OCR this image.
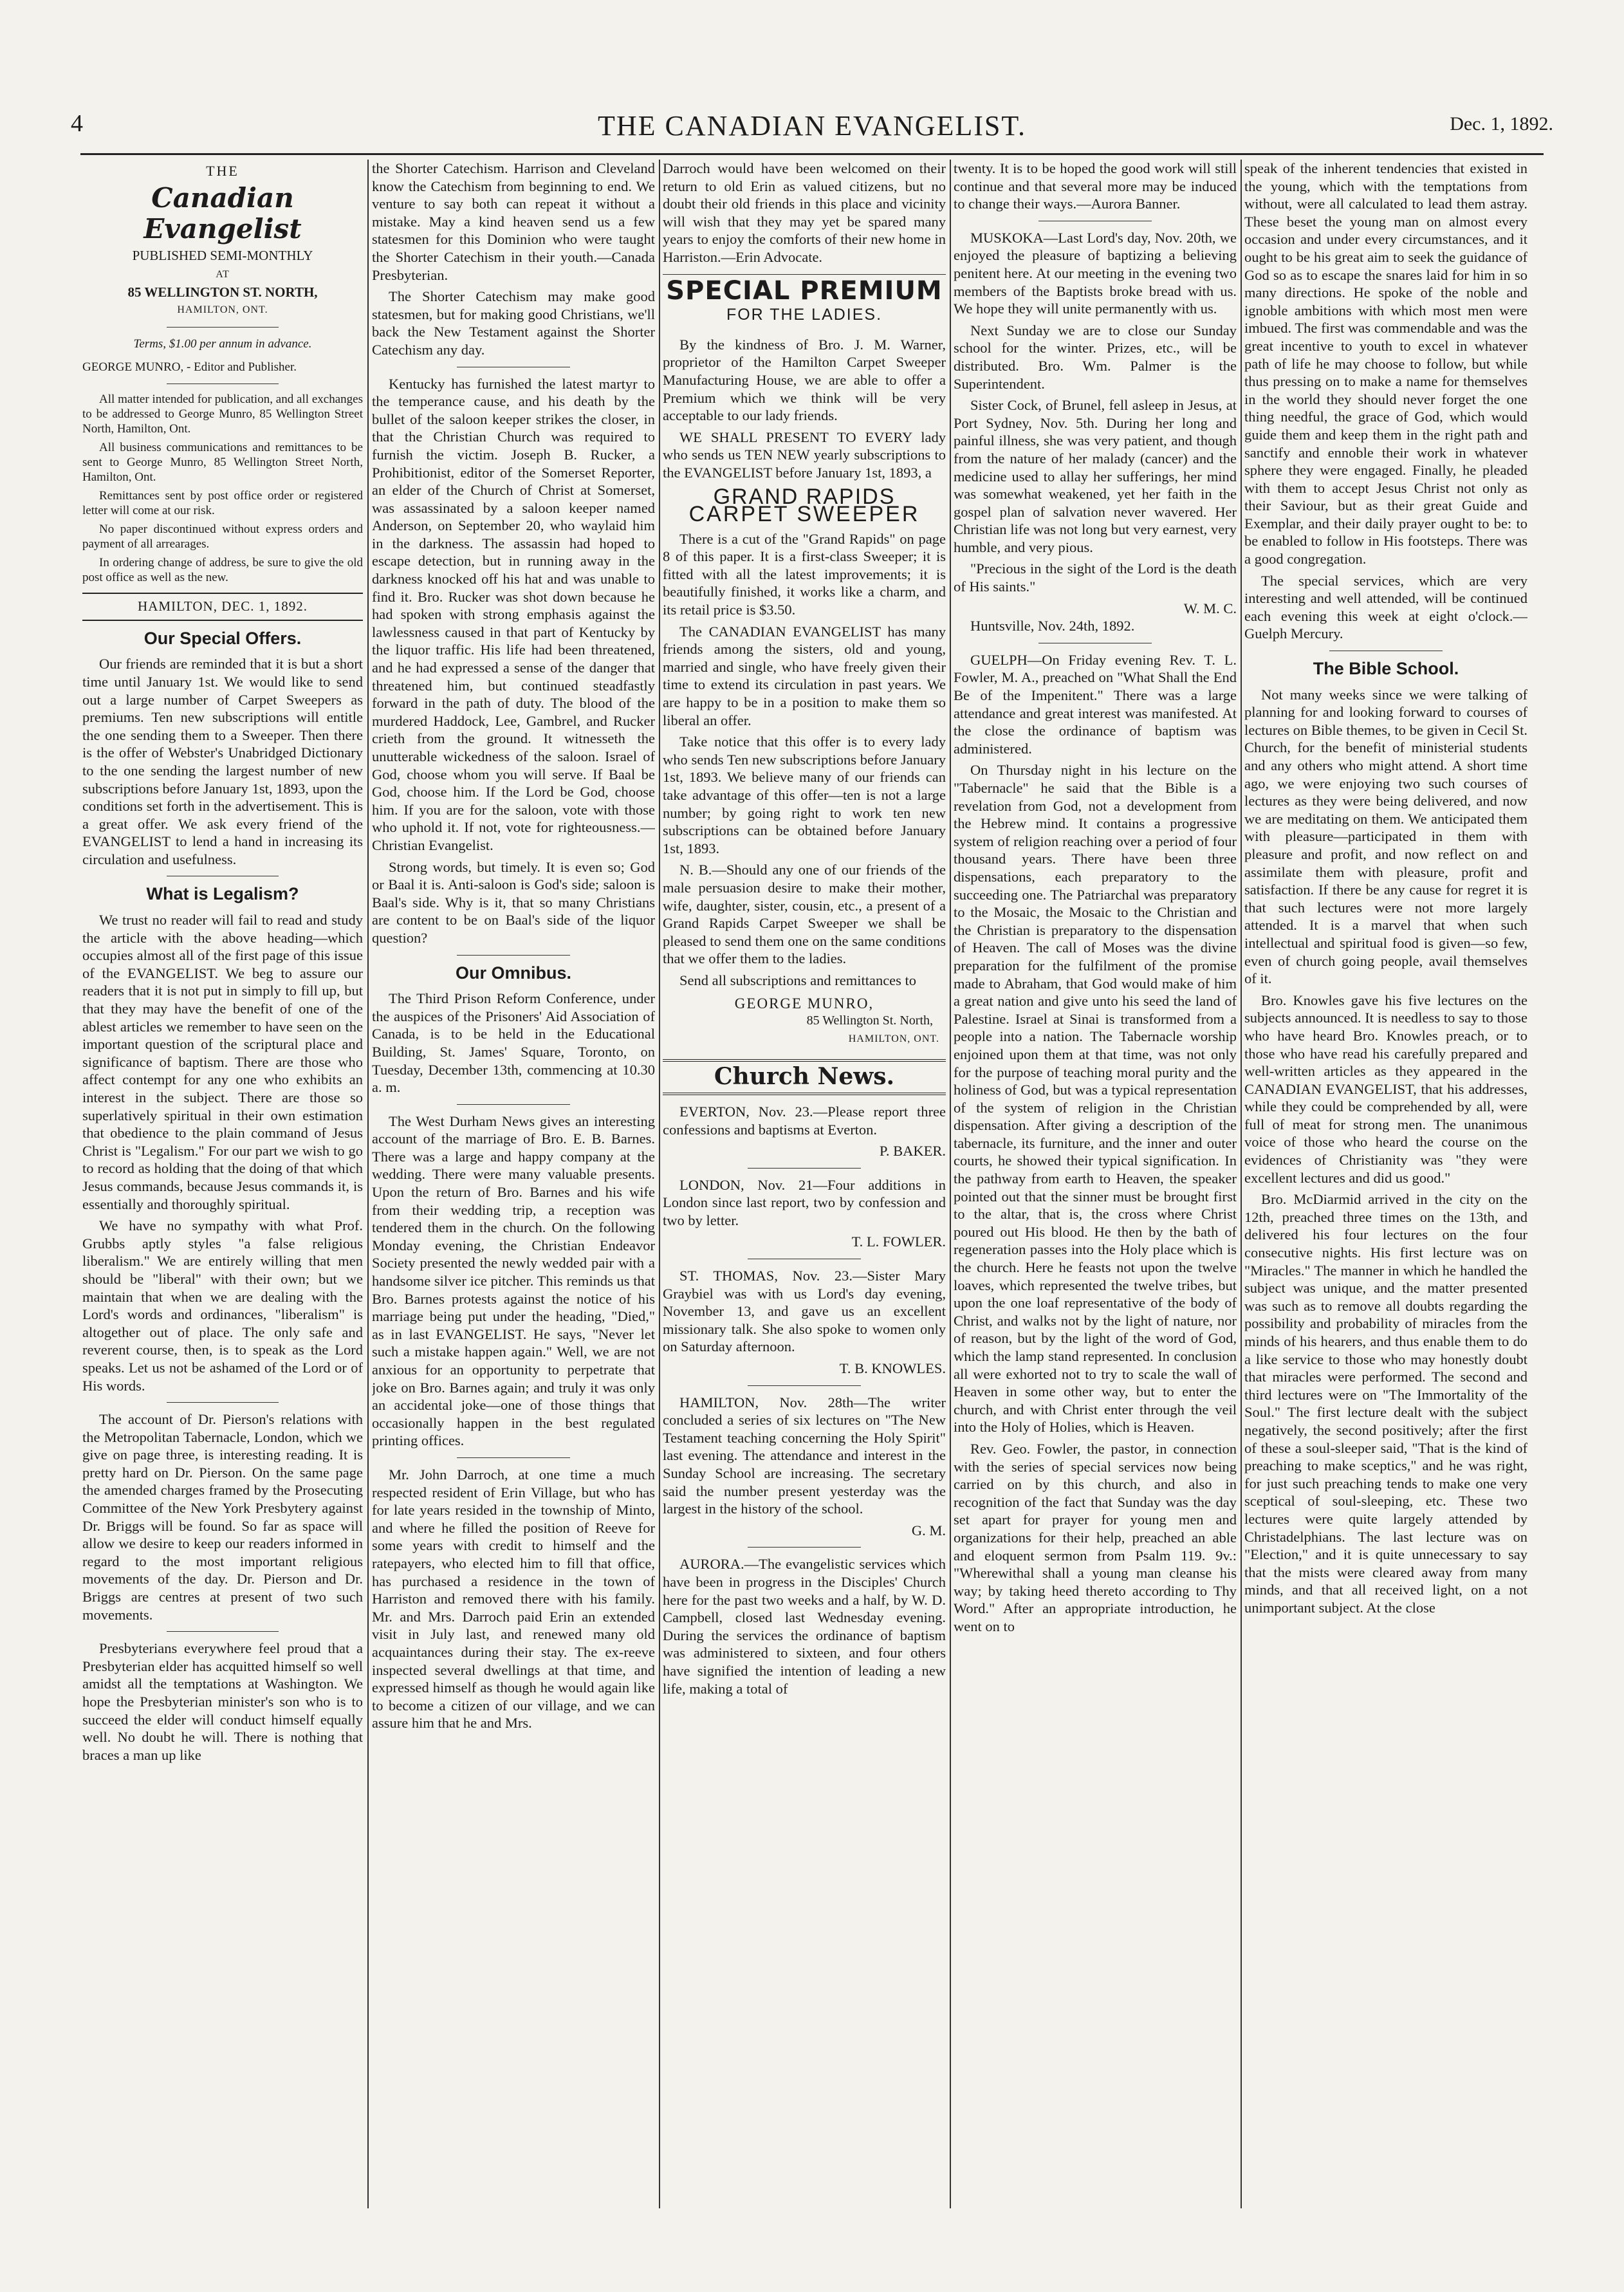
4	THE CANADIAN EVANGELIST.	Dec. 1, 1892.
THE
Canadian Evangelist
PUBLISHED SEMI-MONTHLY
AT
85 WELLINGTON ST. NORTH,
HAMILTON, ONT.
Terms, $1.00 per annum in advance.
GEORGE MUNRO, - Editor and Publisher.

All matter intended for publication, and all exchanges to be addressed to George Munro, 85 Wellington Street North, Hamilton, Ont.

All business communications and remittances to be sent to George Munro, 85 Wellington Street North, Hamilton, Ont.

Remittances sent by post office order or registered letter will come at our risk.

No paper discontinued without express orders and payment of all arrearages.

In ordering change of address, be sure to give the old post office as well as the new.

HAMILTON, DEC. 1, 1892.
Our Special Offers.

Our friends are reminded that it is but a short time until January 1st. We would like to send out a large number of Carpet Sweepers as premiums. Ten new subscriptions will entitle the one sending them to a Sweeper. Then there is the offer of Webster's Unabridged Dictionary to the one sending the largest number of new subscriptions before January 1st, 1893, upon the conditions set forth in the advertisement. This is a great offer. We ask every friend of the EVANGELIST to lend a hand in increasing its circulation and usefulness.

What is Legalism?

We trust no reader will fail to read and study the article with the above heading—which occupies almost all of the first page of this issue of the EVANGELIST. We beg to assure our readers that it is not put in simply to fill up, but that they may have the benefit of one of the ablest articles we remember to have seen on the important question of the scriptural place and significance of baptism. There are those who affect contempt for any one who exhibits an interest in the subject. There are those so superlatively spiritual in their own estimation that obedience to the plain command of Jesus Christ is "Legalism." For our part we wish to go to record as holding that the doing of that which Jesus commands, because Jesus commands it, is essentially and thoroughly spiritual.

We have no sympathy with what Prof. Grubbs aptly styles "a false religious liberalism." We are entirely willing that men should be "liberal" with their own; but we maintain that when we are dealing with the Lord's words and ordinances, "liberalism" is altogether out of place. The only safe and reverent course, then, is to speak as the Lord speaks. Let us not be ashamed of the Lord or of His words.

The account of Dr. Pierson's relations with the Metropolitan Tabernacle, London, which we give on page three, is interesting reading. It is pretty hard on Dr. Pierson. On the same page the amended charges framed by the Prosecuting Committee of the New York Presbytery against Dr. Briggs will be found. So far as space will allow we desire to keep our readers informed in regard to the most important religious movements of the day. Dr. Pierson and Dr. Briggs are centres at present of two such movements.

Presbyterians everywhere feel proud that a Presbyterian elder has acquitted himself so well amidst all the temptations at Washington. We hope the Presbyterian minister's son who is to succeed the elder will conduct himself equally well. No doubt he will. There is nothing that braces a man up like

the Shorter Catechism. Harrison and Cleveland know the Catechism from beginning to end. We venture to say both can repeat it without a mistake. May a kind heaven send us a few statesmen for this Dominion who were taught the Shorter Catechism in their youth.—Canada Presbyterian.

The Shorter Catechism may make good statesmen, but for making good Christians, we'll back the New Testament against the Shorter Catechism any day.

Kentucky has furnished the latest martyr to the temperance cause, and his death by the bullet of the saloon keeper strikes the closer, in that the Christian Church was required to furnish the victim. Joseph B. Rucker, a Prohibitionist, editor of the Somerset Reporter, an elder of the Church of Christ at Somerset, was assassinated by a saloon keeper named Anderson, on September 20, who waylaid him in the darkness. The assassin had hoped to escape detection, but in running away in the darkness knocked off his hat and was unable to find it. Bro. Rucker was shot down because he had spoken with strong emphasis against the lawlessness caused in that part of Kentucky by the liquor traffic. His life had been threatened, and he had expressed a sense of the danger that threatened him, but continued steadfastly forward in the path of duty. The blood of the murdered Haddock, Lee, Gambrel, and Rucker crieth from the ground. It witnesseth the unutterable wickedness of the saloon. Israel of God, choose whom you will serve. If Baal be God, choose him. If the Lord be God, choose him. If you are for the saloon, vote with those who uphold it. If not, vote for righteousness.—Christian Evangelist.

Strong words, but timely. It is even so; God or Baal it is. Anti-saloon is God's side; saloon is Baal's side. Why is it, that so many Christians are content to be on Baal's side of the liquor question?

Our Omnibus.

The Third Prison Reform Conference, under the auspices of the Prisoners' Aid Association of Canada, is to be held in the Educational Building, St. James' Square, Toronto, on Tuesday, December 13th, commencing at 10.30 a. m.

The West Durham News gives an interesting account of the marriage of Bro. E. B. Barnes. There was a large and happy company at the wedding. There were many valuable presents. Upon the return of Bro. Barnes and his wife from their wedding trip, a reception was tendered them in the church. On the following Monday evening, the Christian Endeavor Society presented the newly wedded pair with a handsome silver ice pitcher. This reminds us that Bro. Barnes protests against the notice of his marriage being put under the heading, "Died," as in last EVANGELIST. He says, "Never let such a mistake happen again." Well, we are not anxious for an opportunity to perpetrate that joke on Bro. Barnes again; and truly it was only an accidental joke—one of those things that occasionally happen in the best regulated printing offices.

Mr. John Darroch, at one time a much respected resident of Erin Village, but who has for late years resided in the township of Minto, and where he filled the position of Reeve for some years with credit to himself and the ratepayers, who elected him to fill that office, has purchased a residence in the town of Harriston and removed there with his family. Mr. and Mrs. Darroch paid Erin an extended visit in July last, and renewed many old acquaintances during their stay. The ex-reeve inspected several dwellings at that time, and expressed himself as though he would again like to become a citizen of our village, and we can assure him that he and Mrs.

Darroch would have been welcomed on their return to old Erin as valued citizens, but no doubt their old friends in this place and vicinity will wish that they may yet be spared many years to enjoy the comforts of their new home in Harriston.—Erin Advocate.

SPECIAL PREMIUM
FOR THE LADIES.

By the kindness of Bro. J. M. Warner, proprietor of the Hamilton Carpet Sweeper Manufacturing House, we are able to offer a Premium which we think will be very acceptable to our lady friends.

WE SHALL PRESENT TO EVERY lady who sends us TEN NEW yearly subscriptions to the EVANGELIST before January 1st, 1893, a

GRAND RAPIDS
CARPET SWEEPER

There is a cut of the "Grand Rapids" on page 8 of this paper. It is a first-class Sweeper; it is fitted with all the latest improvements; it is beautifully finished, it works like a charm, and its retail price is $3.50.

The CANADIAN EVANGELIST has many friends among the sisters, old and young, married and single, who have freely given their time to extend its circulation in past years. We are happy to be in a position to make them so liberal an offer.

Take notice that this offer is to every lady who sends Ten new subscriptions before January 1st, 1893. We believe many of our friends can take advantage of this offer—ten is not a large number; by going right to work ten new subscriptions can be obtained before January 1st, 1893.

N. B.—Should any one of our friends of the male persuasion desire to make their mother, wife, daughter, sister, cousin, etc., a present of a Grand Rapids Carpet Sweeper we shall be pleased to send them one on the same conditions that we offer them to the ladies.

Send all subscriptions and remittances to

GEORGE MUNRO,
85 Wellington St. North,
HAMILTON, ONT.
Church News.

EVERTON, Nov. 23.—Please report three confessions and baptisms at Everton.

P. BAKER.

LONDON, Nov. 21—Four additions in London since last report, two by confession and two by letter.

T. L. FOWLER.

ST. THOMAS, Nov. 23.—Sister Mary Graybiel was with us Lord's day evening, November 13, and gave us an excellent missionary talk. She also spoke to women only on Saturday afternoon.

T. B. KNOWLES.

HAMILTON, Nov. 28th—The writer concluded a series of six lectures on "The New Testament teaching concerning the Holy Spirit" last evening. The attendance and interest in the Sunday School are increasing. The secretary said the number present yesterday was the largest in the history of the school.

G. M.

AURORA.—The evangelistic services which have been in progress in the Disciples' Church here for the past two weeks and a half, by W. D. Campbell, closed last Wednesday evening. During the services the ordinance of baptism was administered to sixteen, and four others have signified the intention of leading a new life, making a total of

twenty. It is to be hoped the good work will still continue and that several more may be induced to change their ways.—Aurora Banner.

MUSKOKA—Last Lord's day, Nov. 20th, we enjoyed the pleasure of baptizing a believing penitent here. At our meeting in the evening two members of the Baptists broke bread with us. We hope they will unite permanently with us.

Next Sunday we are to close our Sunday school for the winter. Prizes, etc., will be distributed. Bro. Wm. Palmer is the Superintendent.

Sister Cock, of Brunel, fell asleep in Jesus, at Port Sydney, Nov. 5th. During her long and painful illness, she was very patient, and though from the nature of her malady (cancer) and the medicine used to allay her sufferings, her mind was somewhat weakened, yet her faith in the gospel plan of salvation never wavered. Her Christian life was not long but very earnest, very humble, and very pious.

"Precious in the sight of the Lord is the death of His saints."

W. M. C.

Huntsville, Nov. 24th, 1892.

GUELPH—On Friday evening Rev. T. L. Fowler, M. A., preached on "What Shall the End Be of the Impenitent." There was a large attendance and great interest was manifested. At the close the ordinance of baptism was administered.

On Thursday night in his lecture on the "Tabernacle" he said that the Bible is a revelation from God, not a development from the Hebrew mind. It contains a progressive system of religion reaching over a period of four thousand years. There have been three dispensations, each preparatory to the succeeding one. The Patriarchal was preparatory to the Mosaic, the Mosaic to the Christian and the Christian is preparatory to the dispensation of Heaven. The call of Moses was the divine preparation for the fulfilment of the promise made to Abraham, that God would make of him a great nation and give unto his seed the land of Palestine. Israel at Sinai is transformed from a people into a nation. The Tabernacle worship enjoined upon them at that time, was not only for the purpose of teaching moral purity and the holiness of God, but was a typical representation of the system of religion in the Christian dispensation. After giving a description of the tabernacle, its furniture, and the inner and outer courts, he showed their typical signification. In the pathway from earth to Heaven, the speaker pointed out that the sinner must be brought first to the altar, that is, the cross where Christ poured out His blood. He then by the bath of regeneration passes into the Holy place which is the church. Here he feasts not upon the twelve loaves, which represented the twelve tribes, but upon the one loaf representative of the body of Christ, and walks not by the light of nature, nor of reason, but by the light of the word of God, which the lamp stand represented. In conclusion all were exhorted not to try to scale the wall of Heaven in some other way, but to enter the church, and with Christ enter through the veil into the Holy of Holies, which is Heaven.

Rev. Geo. Fowler, the pastor, in connection with the series of special services now being carried on by this church, and also in recognition of the fact that Sunday was the day set apart for prayer for young men and organizations for their help, preached an able and eloquent sermon from Psalm 119. 9v.: "Wherewithal shall a young man cleanse his way; by taking heed thereto according to Thy Word." After an appropriate introduction, he went on to

speak of the inherent tendencies that existed in the young, which with the temptations from without, were all calculated to lead them astray. These beset the young man on almost every occasion and under every circumstances, and it ought to be his great aim to seek the guidance of God so as to escape the snares laid for him in so many directions. He spoke of the noble and ignoble ambitions with which most men were imbued. The first was commendable and was the great incentive to youth to excel in whatever path of life he may choose to follow, but while thus pressing on to make a name for themselves in the world they should never forget the one thing needful, the grace of God, which would guide them and keep them in the right path and sanctify and ennoble their work in whatever sphere they were engaged. Finally, he pleaded with them to accept Jesus Christ not only as their Saviour, but as their great Guide and Exemplar, and their daily prayer ought to be: to be enabled to follow in His footsteps. There was a good congregation.

The special services, which are very interesting and well attended, will be continued each evening this week at eight o'clock.—Guelph Mercury.

The Bible School.

Not many weeks since we were talking of planning for and looking forward to courses of lectures on Bible themes, to be given in Cecil St. Church, for the benefit of ministerial students and any others who might attend. A short time ago, we were enjoying two such courses of lectures as they were being delivered, and now we are meditating on them. We anticipated them with pleasure—participated in them with pleasure and profit, and now reflect on and assimilate them with pleasure, profit and satisfaction. If there be any cause for regret it is that such lectures were not more largely attended. It is a marvel that when such intellectual and spiritual food is given—so few, even of church going people, avail themselves of it.

Bro. Knowles gave his five lectures on the subjects announced. It is needless to say to those who have heard Bro. Knowles preach, or to those who have read his carefully prepared and well-written articles as they appeared in the CANADIAN EVANGELIST, that his addresses, while they could be comprehended by all, were full of meat for strong men. The unanimous voice of those who heard the course on the evidences of Christianity was "they were excellent lectures and did us good."

Bro. McDiarmid arrived in the city on the 12th, preached three times on the 13th, and delivered his four lectures on the four consecutive nights. His first lecture was on "Miracles." The manner in which he handled the subject was unique, and the matter presented was such as to remove all doubts regarding the possibility and probability of miracles from the minds of his hearers, and thus enable them to do a like service to those who may honestly doubt that miracles were performed. The second and third lectures were on "The Immortality of the Soul." The first lecture dealt with the subject negatively, the second positively; after the first of these a soul-sleeper said, "That is the kind of preaching to make sceptics," and he was right, for just such preaching tends to make one very sceptical of soul-sleeping, etc. These two lectures were quite largely attended by Christadelphians. The last lecture was on "Election," and it is quite unnecessary to say that the mists were cleared away from many minds, and that all received light, on a not unimportant subject. At the close
